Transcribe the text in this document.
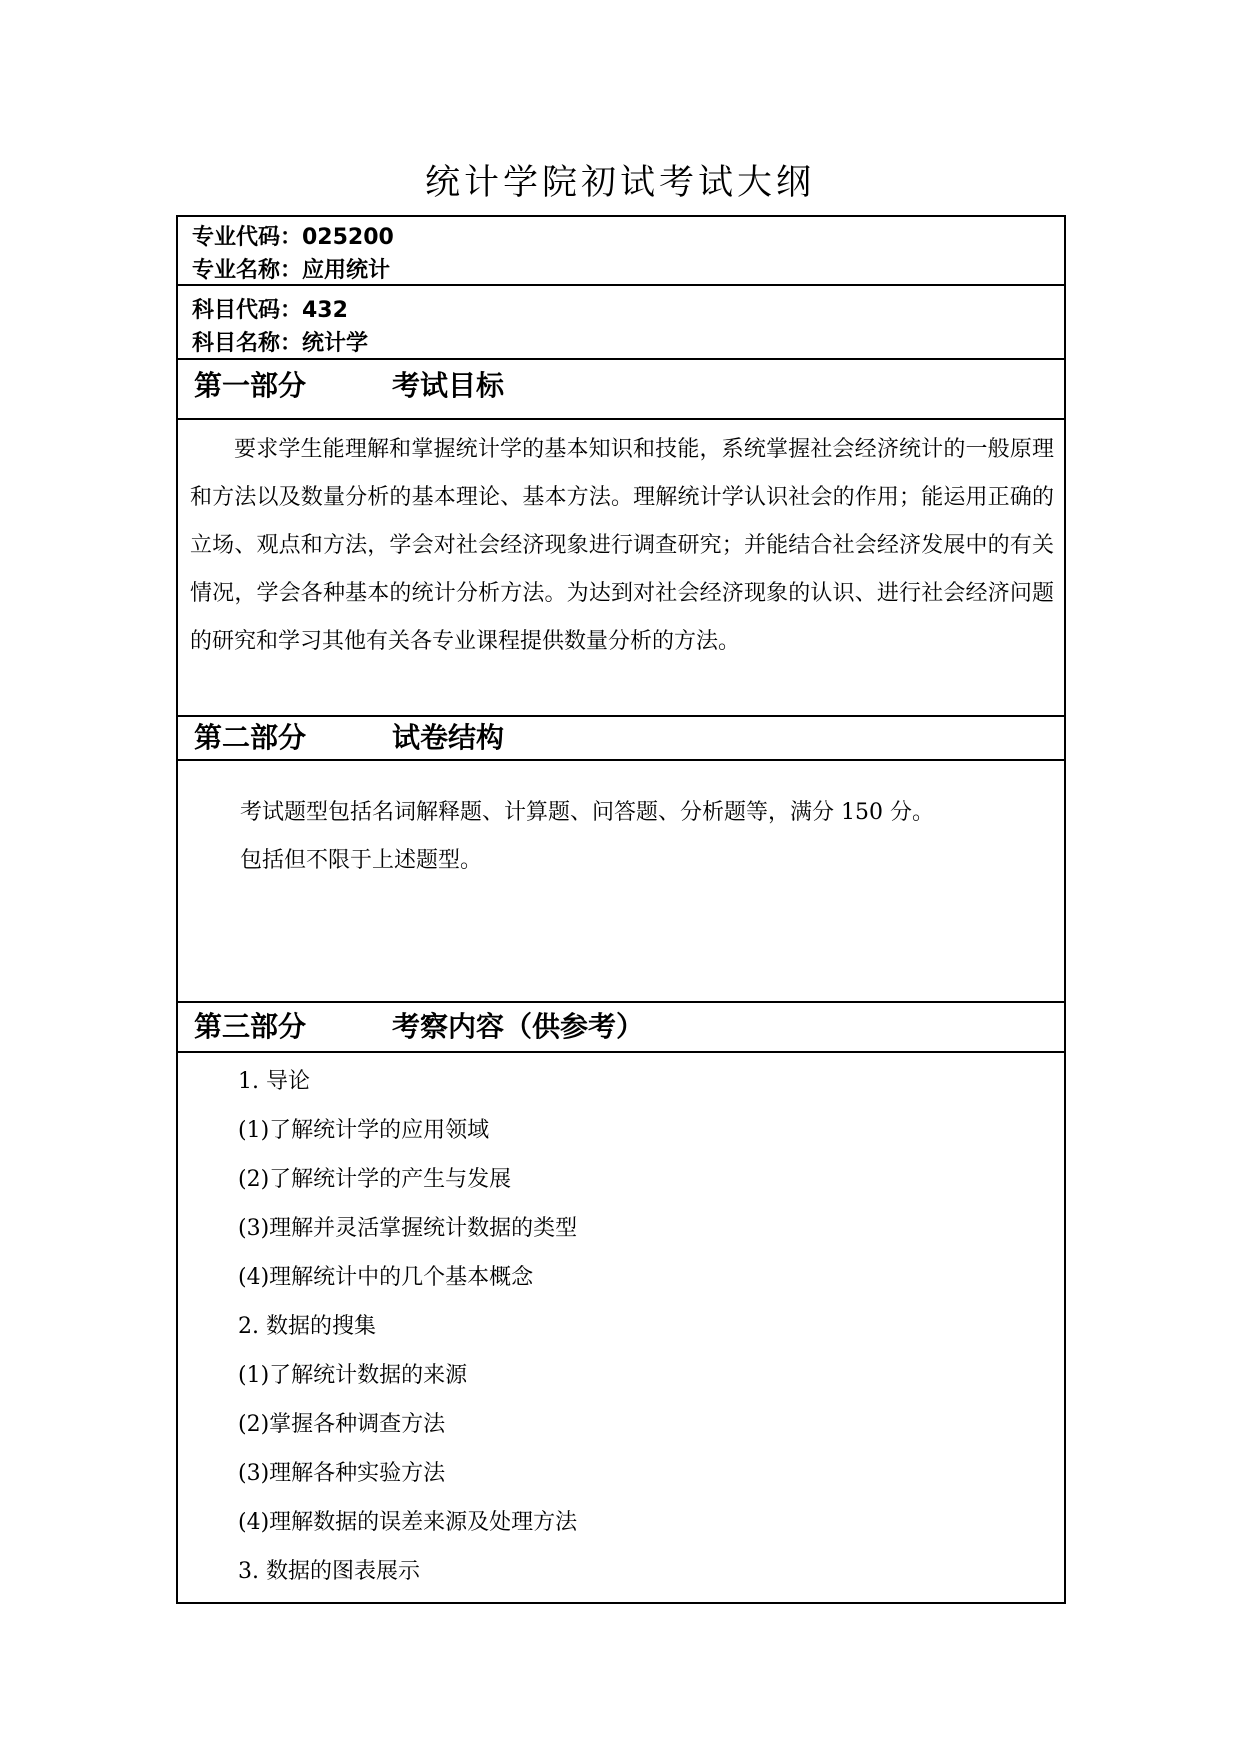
统计学院初试考试大纲
专业代码：025200
专业名称：应用统计
科目代码：432
科目名称：统计学
第一部分	考试目标

要求学生能理解和掌握统计学的基本知识和技能，系统掌握社会经济统计的一般原理和方法以及数量分析的基本理论、基本方法。理解统计学认识社会的作用；能运用正确的立场、观点和方法，学会对社会经济现象进行调查研究；并能结合社会经济发展中的有关情况，学会各种基本的统计分析方法。为达到对社会经济现象的认识、进行社会经济问题的研究和学习其他有关各专业课程提供数量分析的方法。

第二部分	试卷结构
考试题型包括名词解释题、计算题、问答题、分析题等，满分 150 分。
包括但不限于上述题型。
第三部分	考察内容（供参考）
1. 导论
(1)了解统计学的应用领域
(2)了解统计学的产生与发展
(3)理解并灵活掌握统计数据的类型
(4)理解统计中的几个基本概念
2. 数据的搜集
(1)了解统计数据的来源
(2)掌握各种调查方法
(3)理解各种实验方法
(4)理解数据的误差来源及处理方法
3. 数据的图表展示
